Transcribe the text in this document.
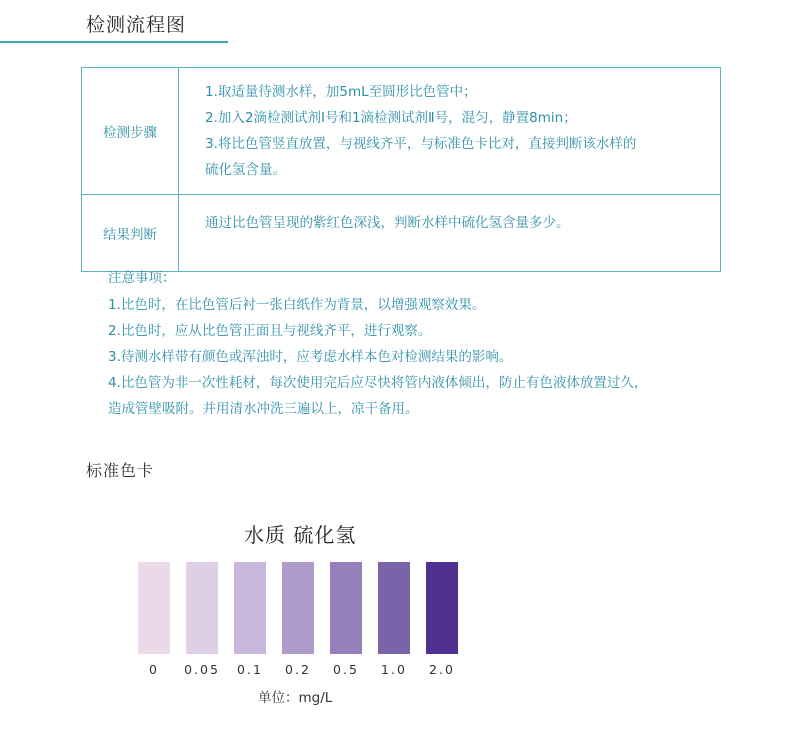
检测流程图
检测步骤	1.取适量待测水样，加5mL至圆形比色管中；
2.加入2滴检测试剂Ⅰ号和1滴检测试剂Ⅱ号，混匀，静置8min；
3.将比色管竖直放置，与视线齐平，与标准色卡比对，直接判断该水样的
硫化氢含量。

结果判断	通过比色管呈现的紫红色深浅，判断水样中硫化氢含量多少。
注意事项：
1.比色时，在比色管后衬一张白纸作为背景，以增强观察效果。
2.比色时，应从比色管正面且与视线齐平，进行观察。
3.待测水样带有颜色或浑浊时，应考虑水样本色对检测结果的影响。
4.比色管为非一次性耗材，每次使用完后应尽快将管内液体倾出，防止有色液体放置过久，
造成管壁吸附。并用清水冲洗三遍以上，凉干备用。
标准色卡
水质 硫化氢
0	0.05	0.1	0.2	0.5	1.0	2.0
单位：mg/L
